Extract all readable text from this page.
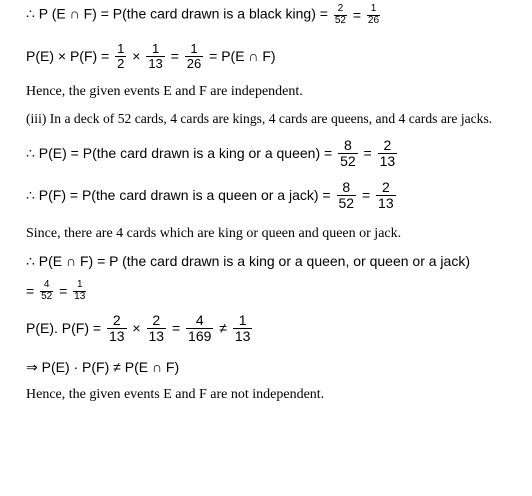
∴ P (E ∩ F) = P(the card drawn is a black king) = $\frac{2}{52} = \frac{1}{26}$
$P(E) \times P(F) = \frac{1}{2} \times \frac{1}{13} = \frac{1}{26} = P(E$ ∩ F)
Hence, the given events E and F are independent.
(iii) In a deck of 52 cards, 4 cards are kings, 4 cards are queens, and 4 cards are jacks.
∴ P(E) = P(the card drawn is a king or a queen) = $\frac{8}{52} = \frac{2}{13}$
∴ P(F) = P(the card drawn is a queen or a jack) = $\frac{8}{52} = \frac{2}{13}$
Since, there are 4 cards which are king or queen and queen or jack.
∴ P(E ∩ F) = P (the card drawn is a king or a queen, or queen or a jack)
= $\frac{4}{52} = \frac{1}{13}$
P(E). $P(F) = \frac{2}{13} \times \frac{2}{13} = \frac{4}{169} \ne \frac{1}{13}$
⇒ P(E) · P(F) ≠ P(E ∩ F)
Hence, the given events E and F are not independent.
